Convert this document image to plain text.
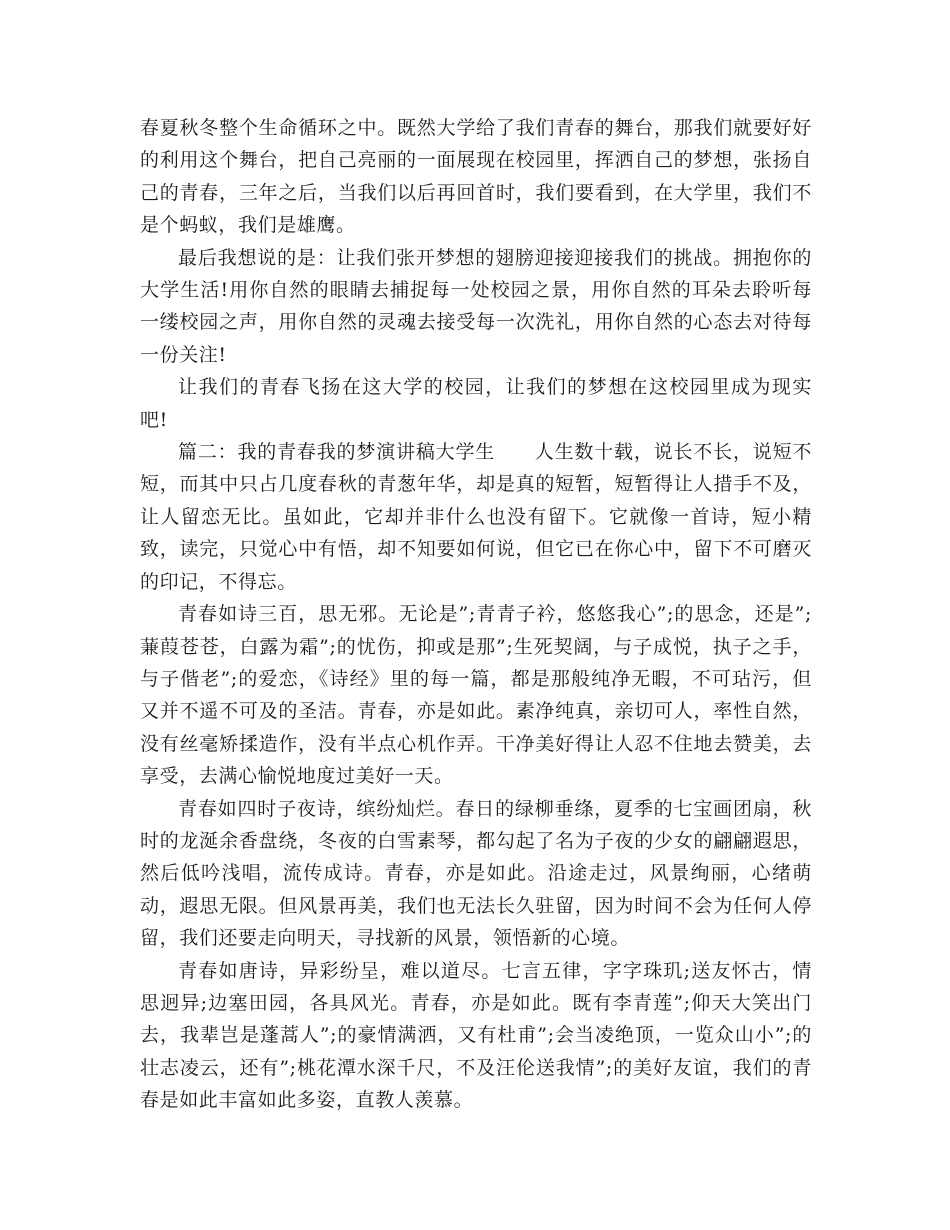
春夏秋冬整个生命循环之中。既然大学给了我们青春的舞台，那我们就要好好的利用这个舞台，把自己亮丽的一面展现在校园里，挥洒自己的梦想，张扬自己的青春，三年之后，当我们以后再回首时，我们要看到，在大学里，我们不是个蚂蚁，我们是雄鹰。

最后我想说的是：让我们张开梦想的翅膀迎接迎接我们的挑战。拥抱你的大学生活!用你自然的眼睛去捕捉每一处校园之景，用你自然的耳朵去聆听每一缕校园之声，用你自然的灵魂去接受每一次洗礼，用你自然的心态去对待每一份关注!

让我们的青春飞扬在这大学的校园，让我们的梦想在这校园里成为现实吧!

篇二：我的青春我的梦演讲稿大学生　　人生数十载，说长不长，说短不短，而其中只占几度春秋的青葱年华，却是真的短暂，短暂得让人措手不及，让人留恋无比。虽如此，它却并非什么也没有留下。它就像一首诗，短小精致，读完，只觉心中有悟，却不知要如何说，但它已在你心中，留下不可磨灭的印记，不得忘。

青春如诗三百，思无邪。无论是”;青青子衿，悠悠我心”;的思念，还是”;蒹葭苍苍，白露为霜”;的忧伤，抑或是那”;生死契阔，与子成悦，执子之手，与子偕老”;的爱恋，《诗经》里的每一篇，都是那般纯净无暇，不可玷污，但又并不遥不可及的圣洁。青春，亦是如此。素净纯真，亲切可人，率性自然，没有丝毫矫揉造作，没有半点心机作弄。干净美好得让人忍不住地去赞美，去享受，去满心愉悦地度过美好一天。

青春如四时子夜诗，缤纷灿烂。春日的绿柳垂绦，夏季的七宝画团扇，秋时的龙涎余香盘绕，冬夜的白雪素琴，都勾起了名为子夜的少女的翩翩遐思，然后低吟浅唱，流传成诗。青春，亦是如此。沿途走过，风景绚丽，心绪萌动，遐思无限。但风景再美，我们也无法长久驻留，因为时间不会为任何人停留，我们还要走向明天，寻找新的风景，领悟新的心境。

青春如唐诗，异彩纷呈，难以道尽。七言五律，字字珠玑;送友怀古，情思迥异;边塞田园，各具风光。青春，亦是如此。既有李青莲”;仰天大笑出门去，我辈岂是蓬蒿人”;的豪情满洒，又有杜甫”;会当凌绝顶，一览众山小”;的壮志凌云，还有”;桃花潭水深千尺，不及汪伦送我情”;的美好友谊，我们的青春是如此丰富如此多姿，直教人羡慕。
